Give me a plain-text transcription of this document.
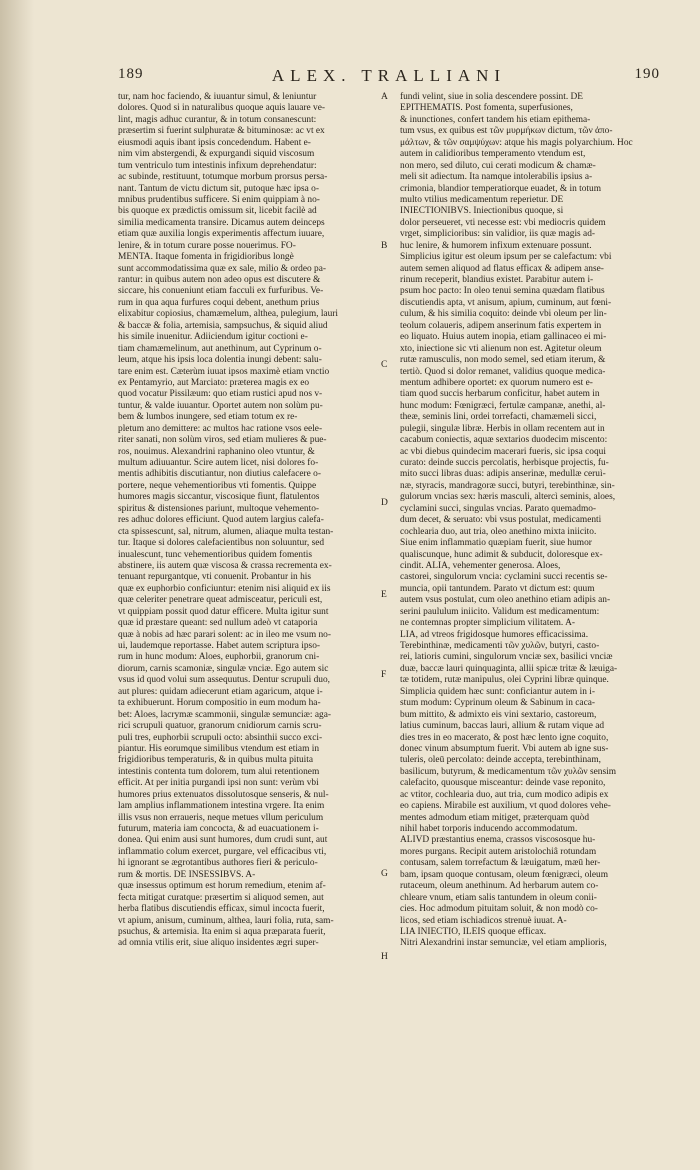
189	ALEX. TRALLIANI	190
tur, nam hoc faciendo, & iuuantur simul, & leniuntur
dolores. Quod si in naturalibus quoque aquis lauare ve-
lint, magis adhuc curantur, & in totum consanescunt:
præsertim si fuerint sulphuratæ & bituminosæ: ac vt ex
eiusmodi aquis ibant ipsis concedendum. Habent e-
nim vim abstergendi, & expurgandi siquid viscosum
tum ventriculo tum intestinis infixum deprehendatur:
ac subinde, restituunt, totumque morbum prorsus persa-
nant. Tantum de victu dictum sit, putoque hæc ipsa o-
mnibus prudentibus sufficere. Si enim quippiam à no-
bis quoque ex prædictis omissum sit, licebit facilè ad
similia medicamenta transire. Dicamus autem deinceps
etiam quæ auxilia longis experimentis affectum iuuare,
lenire, & in totum curare posse nouerimus. FO-
MENTA. Itaque fomenta in frigidioribus longè
sunt accommodatissima quæ ex sale, milio & ordeo pa-
rantur: in quibus autem non adeo opus est discutere &
siccare, his conueniunt etiam facculi ex furfuribus. Ve-
rum in qua aqua furfures coqui debent, anethum prius
elixabitur copiosius, chamæmelum, althea, pulegium, lauri
& baccæ & folia, artemisia, sampsuchus, & siquid aliud
his simile inuenitur. Adiiciendum igitur coctioni e-
tiam chamæmelinum, aut anethinum, aut Cyprinum o-
leum, atque his ipsis loca dolentia inungi debent: salu-
tare enim est. Cæterùm iuuat ipsos maximè etiam vnctio
ex Pentamyrio, aut Marciato: præterea magis ex eo
quod vocatur Pissilæum: quo etiam rustici apud nos v-
tuntur, & valde iuuantur. Oportet autem non solùm pu-
bem & lumbos inungere, sed etiam totum ex re-
pletum ano demittere: ac multos hac ratione vsos eele-
riter sanati, non solùm viros, sed etiam mulieres & pue-
ros, nouimus. Alexandrini raphanino oleo vtuntur, &
multum adiuuantur. Scire autem licet, nisi dolores fo-
mentis adhibitis discutiantur, non diutius calefacere o-
portere, neque vehementioribus vti fomentis. Quippe
humores magis siccantur, viscosique fiunt, flatulentos
spiritus & distensiones pariunt, multoque vehemento-
res adhuc dolores efficiunt. Quod autem largius calefa-
cta spissescunt, sal, nitrum, alumen, aliaque multa testan-
tur. Itaque si dolores calefacientibus non soluuntur, sed
inualescunt, tunc vehementioribus quidem fomentis
abstinere, iis autem quæ viscosa & crassa recrementa ex-
tenuant repurgantque, vti conuenit. Probantur in his
quæ ex euphorbio conficiuntur: etenim nisi aliquid ex iis
quæ celeriter penetrare queat admisceatur, periculi est,
vt quippiam possit quod datur efficere. Multa igitur sunt
quæ id præstare queant: sed nullum adeò vt cataporia
quæ à nobis ad hæc parari solent: ac in ileo me vsum no-
ui, laudemque reportasse. Habet autem scriptura ipso-
rum in hunc modum: Aloes, euphorbii, granorum cni-
diorum, carnis scamoniæ, singulæ vnciæ. Ego autem sic
vsus id quod volui sum assequutus. Dentur scrupuli duo,
aut plures: quidam adiecerunt etiam agaricum, atque i-
ta exhibuerunt. Horum compositio in eum modum ha-
bet: Aloes, lacrymæ scammonii, singulæ semunciæ: aga-
rici scrupuli quatuor, granorum cnidiorum carnis scru-
puli tres, euphorbii scrupuli octo: absinthii succo exci-
piantur. His eorumque similibus vtendum est etiam in
frigidioribus temperaturis, & in quibus multa pituita
intestinis contenta tum dolorem, tum alui retentionem
efficit. At per initia purgandi ipsi non sunt: verùm vbi
humores prius extenuatos dissolutosque senseris, & nul-
lam amplius inflammationem intestina vrgere. Ita enim
illis vsus non erraueris, neque metues vllum periculum
futurum, materia iam concocta, & ad euacuationem i-
donea. Qui enim ausi sunt humores, dum crudi sunt, aut
inflammatio colum exercet, purgare, vel efficacibus vti,
hi ignorant se ægrotantibus authores fieri & periculo-
rum & mortis. DE INSESSIBVS. A-
quæ insessus optimum est horum remedium, etenim af-
fecta mitigat curatque: præsertim si aliquod semen, aut
herba flatibus discutiendis efficax, simul incocta fuerit,
vt apium, anisum, cuminum, althea, lauri folia, ruta, sam-
psuchus, & artemisia. Ita enim si aqua præparata fuerit,
ad omnia vtilis erit, siue aliquo insidentes ægri super-
A
B
C
D
E
F
G
H
fundi velint, siue in solia descendere possint. DE
EPITHEMATIS. Post fomenta, superfusiones,
& inunctiones, confert tandem his etiam epithema-
tum vsus, ex quibus est τῶν μυρμήκων dictum, τῶν ἀπο-
μάλτων, & τῶν σαμψύχων: atque his magis polyarchium. Hoc
autem in calidioribus temperamento vtendum est,
non mero, sed diluto, cui cerati modicum & chamæ-
meli sit adiectum. Ita namque intolerabilis ipsius a-
crimonia, blandior temperatiorque euadet, & in totum
multo vtilius medicamentum reperietur. DE
INIECTIONIBVS. Iniectionibus quoque, si
dolor perseueret, vti necesse est: vbi mediocris quidem
vrget, simplicioribus: sin validior, iis quæ magis ad-
huc lenire, & humorem infixum extenuare possunt.
Simplicius igitur est oleum ipsum per se calefactum: vbi
autem semen aliquod ad flatus efficax & adipem anse-
rinum receperit, blandius existet. Parabitur autem i-
psum hoc pacto: In oleo tenui semina quædam flatibus
discutiendis apta, vt anisum, apium, cuminum, aut fœni-
culum, & his similia coquito: deinde vbi oleum per lin-
teolum colaueris, adipem anserinum fatis expertem in
eo liquato. Huius autem inopia, etiam gallinaceo ei mi-
xto, iniectione sic vti alienum non est. Agitetur oleum
rutæ ramusculis, non modo semel, sed etiam iterum, &
tertiò. Quod si dolor remanet, validius quoque medica-
mentum adhibere oportet: ex quorum numero est e-
tiam quod succis herbarum conficitur, habet autem in
hunc modum: Fœnigræci, fertulæ campanæ, anethi, al-
theæ, seminis lini, ordei torrefacti, chamæmeli sicci,
pulegii, singulæ libræ. Herbis in ollam recentem aut in
cacabum coniectis, aquæ sextarios duodecim miscento:
ac vbi diebus quindecim macerari fueris, sic ipsa coqui
curato: deinde succis percolatis, herbisque projectis, fu-
mito succi libras duas: adipis anserinæ, medullæ ceruì-
næ, styracis, mandragoræ succi, butyri, terebinthinæ, sin-
gulorum vncias sex: hæris masculi, altercì seminis, aloes,
cyclamini succi, singulas vncias. Parato quemadmo-
dum decet, & seruato: vbi vsus postulat, medicamenti
cochlearia duo, aut tria, oleo anethino mixta iniicito.
Siue enim inflammatio quæpiam fuerit, siue humor
qualiscunque, hunc adimit & subducit, doloresque ex-
cindit. ALIA, vehementer generosa. Aloes,
castorei, singulorum vncia: cyclamini succi recentis se-
muncia, opii tantundem. Parato vt dictum est: quum
autem vsus postulat, cum oleo anethino etiam adipis an-
serini paululum iniicito. Validum est medicamentum:
ne contemnas propter simplicium vilitatem. A-
LIA, ad vtreos frigidosque humores efficacissima.
Terebinthinæ, medicamenti τῶν χυλῶν, butyri, casto-
rei, latioris cumini, singulorum vnciæ sex, basilici vnciæ
duæ, baccæ lauri quinquaginta, allii spicæ tritæ & læuiga-
tæ totidem, rutæ manipulus, olei Cyprini libræ quinque.
Simplicia quidem hæc sunt: conficiantur autem in i-
stum modum: Cyprinum oleum & Sabinum in caca-
bum mittito, & admixto eis vini sextario, castoreum,
latius cuminum, baccas lauri, allium & rutam vique ad
dies tres in eo macerato, & post hæc lento igne coquito,
donec vinum absumptum fuerit. Vbi autem ab igne sus-
tuleris, oleū percolato: deinde accepta, terebinthinam,
basilicum, butyrum, & medicamentum τῶν χυλῶν sensim
calefacito, quousque misceantur: deinde vase reponito,
ac vtitor, cochlearia duo, aut tria, cum modico adipis ex
eo capiens. Mirabile est auxilium, vt quod dolores vehe-
mentes admodum etiam mitiget, præterquam quòd
nihil habet torporis inducendo accommodatum.
ALIVD præstantius enema, crassos viscososque hu-
mores purgans. Recipit autem aristolochiâ rotundam
contusam, salem torrefactum & læuigatum, mæū her-
bam, ipsam quoque contusam, oleum fœnigræci, oleum
rutaceum, oleum anethinum. Ad herbarum autem co-
chleare vnum, etiam salis tantundem in oleum conii-
cies. Hoc admodum pituitam soluit, & non modò co-
licos, sed etiam ischiadicos strenuè iuuat. A-
LIA INIECTIO, ILEIS quoque efficax.
Nitri Alexandrini instar semunciæ, vel etiam amplioris,
